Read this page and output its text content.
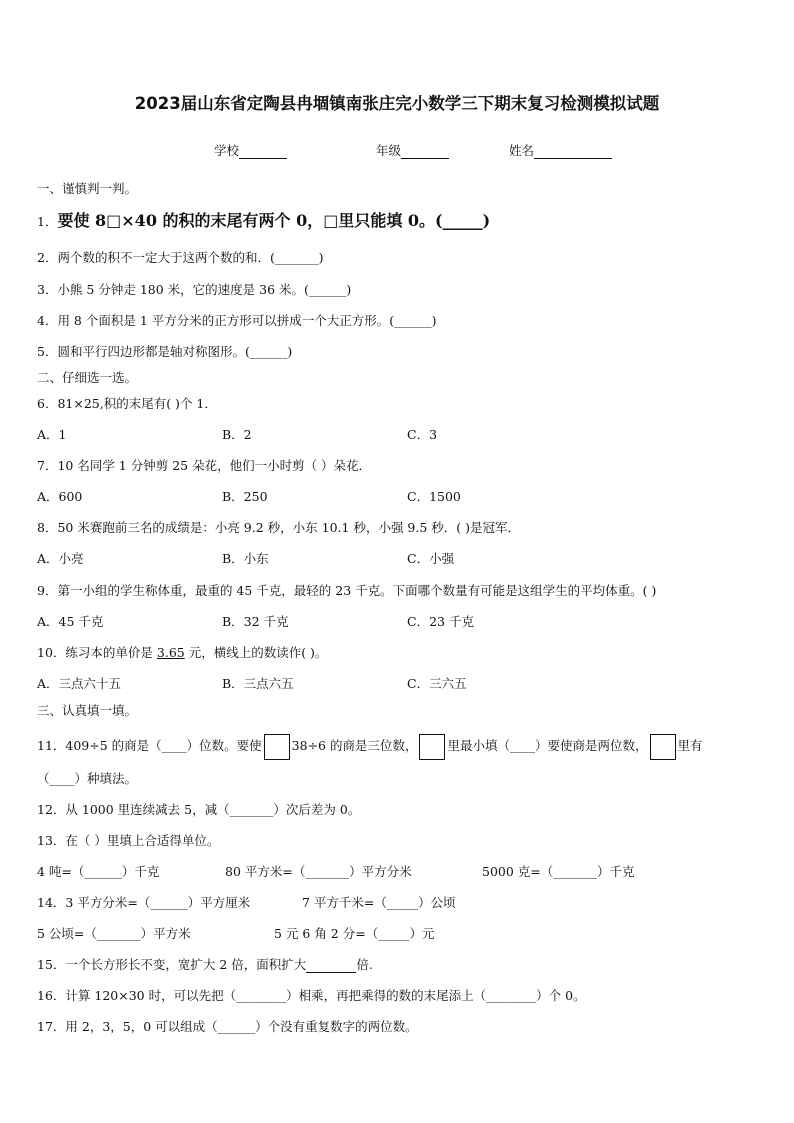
2023届山东省定陶县冉堌镇南张庄完小数学三下期末复习检测模拟试题
学校	年级	姓名
一、谨慎判一判。
1．要使 8□×40 的积的末尾有两个 0，□里只能填 0。(_____)
2．两个数的积不一定大于这两个数的和．(_______)
3．小熊 5 分钟走 180 米，它的速度是 36 米。(______)
4．用 8 个面积是 1 平方分米的正方形可以拼成一个大正方形。(______)
5．圆和平行四边形都是轴对称图形。(______)
二、仔细选一选。
6．81×25,积的末尾有( )个 1．
A．1	B．2	C．3
7．10 名同学 1 分钟剪 25 朵花，他们一小时剪（ ）朵花．
A．600	B．250	C．1500
8．50 米赛跑前三名的成绩是：小亮 9.2 秒，小东 10.1 秒，小强 9.5 秒．( )是冠军．
A．小亮	B．小东	C．小强
9．第一小组的学生称体重，最重的 45 千克，最轻的 23 千克。下面哪个数量有可能是这组学生的平均体重。( )
A．45 千克	B．32 千克	C．23 千克
10．练习本的单价是 3.65 元，横线上的数读作( )。
A．三点六十五	B．三点六五	C．三六五
三、认真填一填。
11．409÷5 的商是（____）位数。要使 38÷6 的商是三位数， 里最小填（____）要使商是两位数， 里有
（____）种填法。
12．从 1000 里连续减去 5，减（_______）次后差为 0。
13．在（ ）里填上合适得单位。
4 吨=（______）千克	80 平方米=（_______）平方分米	5000 克=（_______）千克
14．3 平方分米=（______）平方厘米	7 平方千米=（_____）公顷
5 公顷=（_______）平方米	5 元 6 角 2 分=（_____）元
15．一个长方形长不变，宽扩大 2 倍，面积扩大	倍.
16．计算 120×30 时，可以先把（________）相乘，再把乘得的数的末尾添上（________）个 0。
17．用 2，3，5，0 可以组成（______）个没有重复数字的两位数。
